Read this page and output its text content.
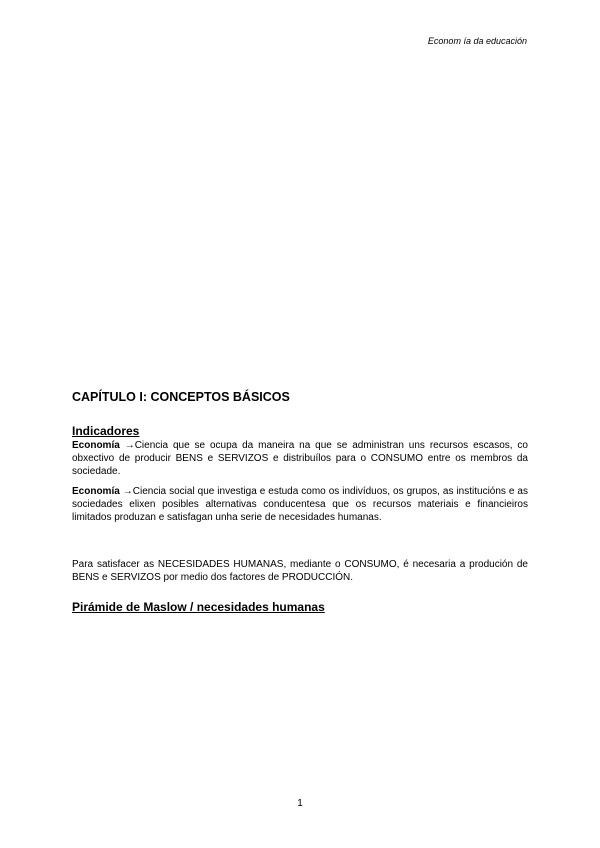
Econom ía da educación
CAPÍTULO I: CONCEPTOS BÁSICOS
Indicadores

Economía →Ciencia que se ocupa da maneira na que se administran uns recursos escasos, co obxectivo de producir BENS e SERVIZOS e distribuílos para o CONSUMO entre os membros da sociedade.

Economía →Ciencia social que investiga e estuda como os indivíduos, os grupos, as institucións e as sociedades elixen posibles alternativas conducentesa que os recursos materiais e financieiros limitados produzan e satisfagan unha serie de necesidades humanas.

Para satisfacer as NECESIDADES HUMANAS, mediante o CONSUMO, é necesaria a produción de BENS e SERVIZOS por medio dos factores de PRODUCCIÓN.

Pirámide de Maslow / necesidades humanas
1
